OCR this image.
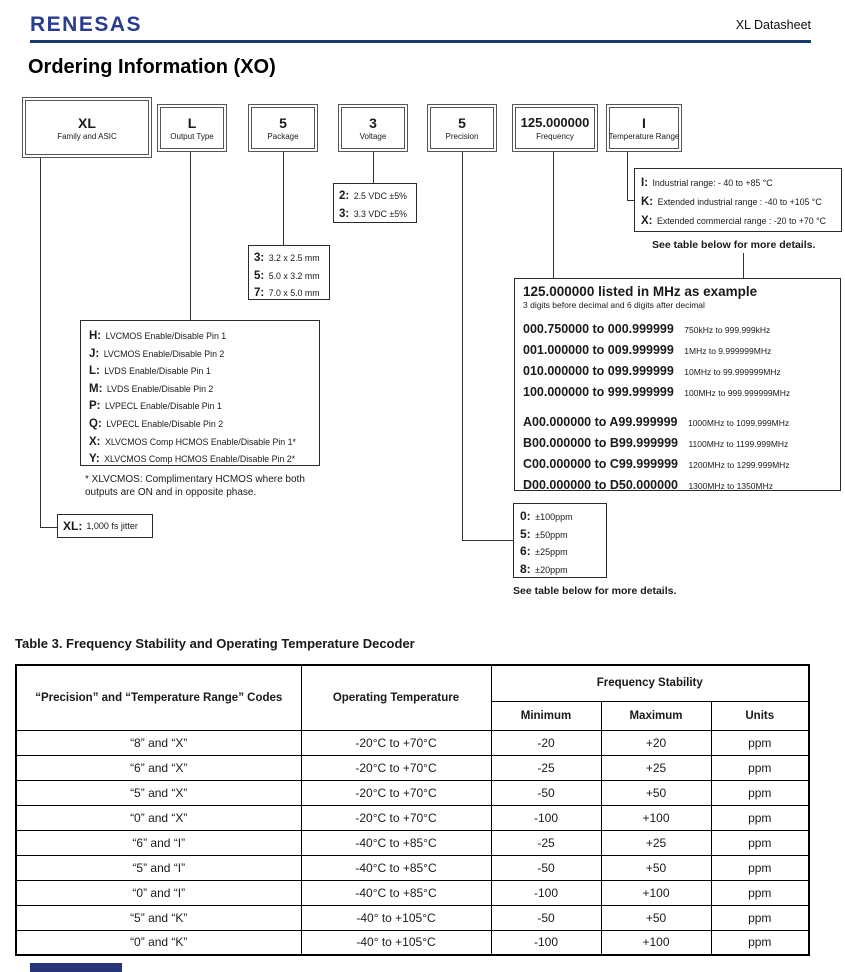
RENESAS	XL Datasheet
Ordering Information (XO)
XL
Family and ASIC
L
Output Type
5
Package
3
Voltage
5
Precision
125.000000
Frequency
I
Temperature Range
I: Industrial range: - 40 to +85 °C
K: Extended industrial range : -40 to +105 °C
X: Extended commercial range : -20 to +70 °C
See table below for more details.
2: 2.5 VDC ±5%
3: 3.3 VDC ±5%
3: 3.2 x 2.5 mm
5: 5.0 x 3.2 mm
7: 7.0 x 5.0 mm
H: LVCMOS Enable/Disable Pin 1
J: LVCMOS Enable/Disable Pin 2
L: LVDS Enable/Disable Pin 1
M: LVDS Enable/Disable Pin 2
P: LVPECL Enable/Disable Pin 1
Q: LVPECL Enable/Disable Pin 2
X: XLVCMOS Comp HCMOS Enable/Disable Pin 1*
Y: XLVCMOS Comp HCMOS Enable/Disable Pin 2*
* XLVCMOS: Complimentary HCMOS where both
outputs are ON and in opposite phase.
XL: 1,000 fs jitter
0: ±100ppm
5: ±50ppm
6: ±25ppm
8: ±20ppm
See table below for more details.
125.000000 listed in MHz as example
3 digits before decimal and 6 digits after decimal
000.750000 to 000.999999 750kHz to 999.999kHz
001.000000 to 009.999999 1MHz to 9.999999MHz
010.000000 to 099.999999 10MHz to 99.999999MHz
100.000000 to 999.999999 100MHz to 999.999999MHz
A00.000000 to A99.999999 1000MHz to 1099.999MHz
B00.000000 to B99.999999 1100MHz to 1199.999MHz
C00.000000 to C99.999999 1200MHz to 1299.999MHz
D00.000000 to D50.000000 1300MHz to 1350MHz
Table 3. Frequency Stability and Operating Temperature Decoder
“Precision” and “Temperature Range” Codes	Operating Temperature	Frequency Stability		
		Minimum	Maximum	Units
“8” and “X”	-20°C to +70°C	-20	+20	ppm
“6” and “X”	-20°C to +70°C	-25	+25	ppm
“5” and “X”	-20°C to +70°C	-50	+50	ppm
“0” and “X”	-20°C to +70°C	-100	+100	ppm
“6” and “I”	-40°C to +85°C	-25	+25	ppm
“5” and “I”	-40°C to +85°C	-50	+50	ppm
“0” and “I”	-40°C to +85°C	-100	+100	ppm
“5” and “K”	-40° to +105°C	-50	+50	ppm
“0” and “K”	-40° to +105°C	-100	+100	ppm
